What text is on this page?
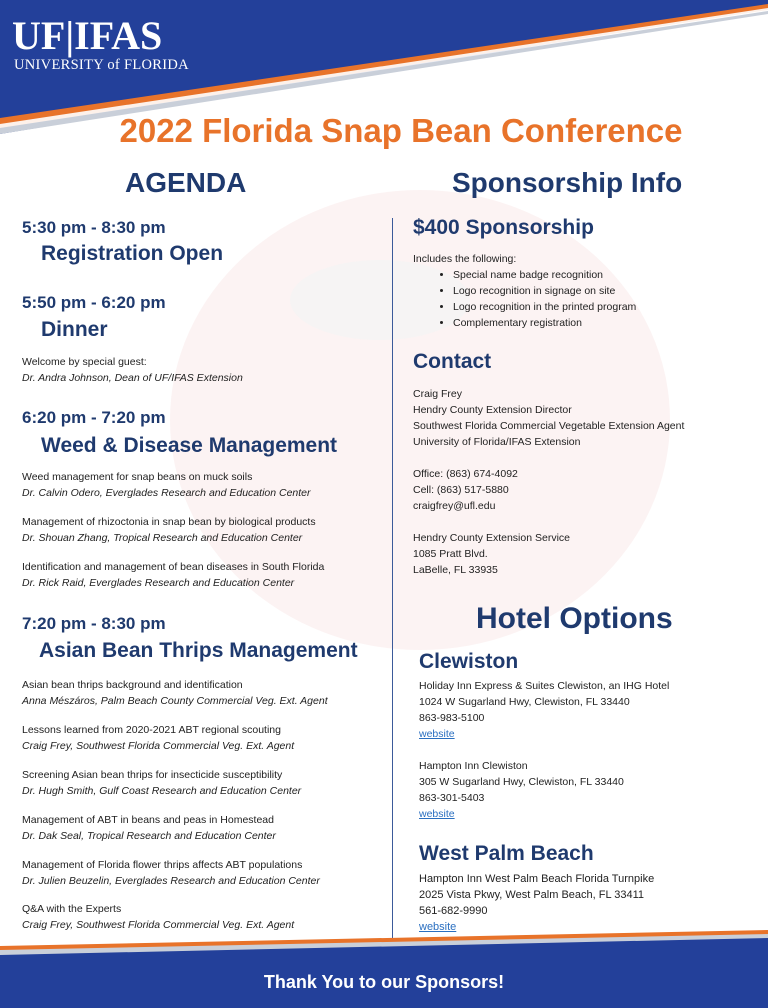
UF|IFAS
UNIVERSITY of FLORIDA
2022 Florida Snap Bean Conference
AGENDA	Sponsorship Info
5:30 pm - 8:30 pm
Registration Open
5:50 pm - 6:20 pm
Dinner
Welcome by special guest:
Dr. Andra Johnson, Dean of UF/IFAS Extension
6:20 pm - 7:20 pm
Weed & Disease Management
Weed management for snap beans on muck soils
Dr. Calvin Odero, Everglades Research and Education Center
Management of rhizoctonia in snap bean by biological products
Dr. Shouan Zhang, Tropical Research and Education Center
Identification and management of bean diseases in South Florida
Dr. Rick Raid, Everglades Research and Education Center
7:20 pm - 8:30 pm
Asian Bean Thrips Management
Asian bean thrips background and identification
Anna Mészáros, Palm Beach County Commercial Veg. Ext. Agent
Lessons learned from 2020-2021 ABT regional scouting
Craig Frey, Southwest Florida Commercial Veg. Ext. Agent
Screening Asian bean thrips for insecticide susceptibility
Dr. Hugh Smith, Gulf Coast Research and Education Center
Management of ABT in beans and peas in Homestead
Dr. Dak Seal, Tropical Research and Education Center
Management of Florida flower thrips affects ABT populations
Dr. Julien Beuzelin, Everglades Research and Education Center
Q&A with the Experts
Craig Frey, Southwest Florida Commercial Veg. Ext. Agent
$400 Sponsorship
Includes the following:
• Special name badge recognition
• Logo recognition in signage on site
• Logo recognition in the printed program
• Complementary registration
Contact
Craig Frey
Hendry County Extension Director
Southwest Florida Commercial Vegetable Extension Agent
University of Florida/IFAS Extension
Office: (863) 674-4092
Cell: (863) 517-5880
craigfrey@ufl.edu
Hendry County Extension Service
1085 Pratt Blvd.
LaBelle, FL 33935
Hotel Options
Clewiston
Holiday Inn Express & Suites Clewiston, an IHG Hotel
1024 W Sugarland Hwy, Clewiston, FL 33440
863-983-5100
website
Hampton Inn Clewiston
305 W Sugarland Hwy, Clewiston, FL 33440
863-301-5403
website
West Palm Beach
Hampton Inn West Palm Beach Florida Turnpike
2025 Vista Pkwy, West Palm Beach, FL 33411
561-682-9990
website
Thank You to our Sponsors!
